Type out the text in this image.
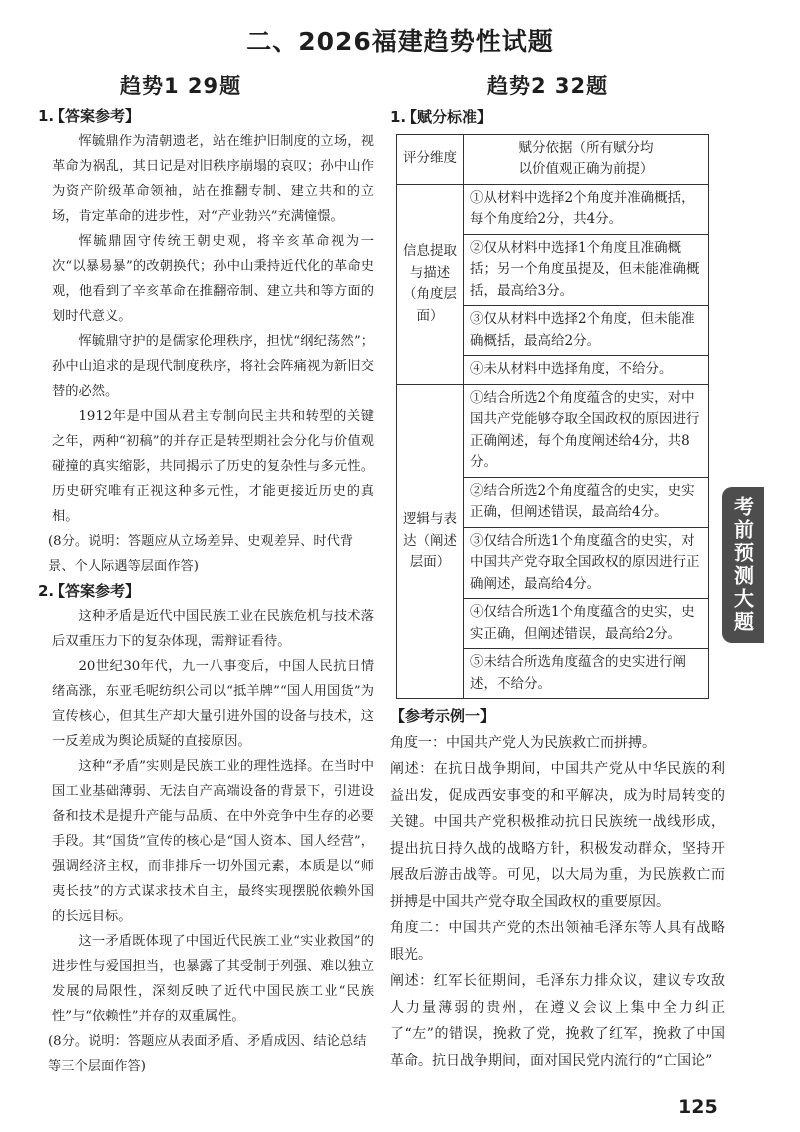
二、2026福建趋势性试题
趋势1 29题	趋势2 32题
1.【答案参考】

恽毓鼎作为清朝遗老，站在维护旧制度的立场，视革命为祸乱，其日记是对旧秩序崩塌的哀叹；孙中山作为资产阶级革命领袖，站在推翻专制、建立共和的立场，肯定革命的进步性，对“产业勃兴”充满憧憬。

恽毓鼎固守传统王朝史观，将辛亥革命视为一次“以暴易暴”的改朝换代；孙中山秉持近代化的革命史观，他看到了辛亥革命在推翻帝制、建立共和等方面的划时代意义。

恽毓鼎守护的是儒家伦理秩序，担忧“纲纪荡然”；孙中山追求的是现代制度秩序，将社会阵痛视为新旧交替的必然。

1912年是中国从君主专制向民主共和转型的关键之年，两种“初稿”的并存正是转型期社会分化与价值观碰撞的真实缩影，共同揭示了历史的复杂性与多元性。历史研究唯有正视这种多元性，才能更接近历史的真相。

(8分。说明：答题应从立场差异、史观差异、时代背景、个人际遇等层面作答)

2.【答案参考】

这种矛盾是近代中国民族工业在民族危机与技术落后双重压力下的复杂体现，需辩证看待。

20世纪30年代，九一八事变后，中国人民抗日情绪高涨，东亚毛呢纺织公司以“抵羊牌”“国人用国货”为宣传核心，但其生产却大量引进外国的设备与技术，这一反差成为舆论质疑的直接原因。

这种“矛盾”实则是民族工业的理性选择。在当时中国工业基础薄弱、无法自产高端设备的背景下，引进设备和技术是提升产能与品质、在中外竞争中生存的必要手段。其“国货”宣传的核心是“国人资本、国人经营”，强调经济主权，而非排斥一切外国元素，本质是以“师夷长技”的方式谋求技术自主，最终实现摆脱依赖外国的长远目标。

这一矛盾既体现了中国近代民族工业“实业救国”的进步性与爱国担当，也暴露了其受制于列强、难以独立发展的局限性，深刻反映了近代中国民族工业“民族性”与“依赖性”并存的双重属性。

(8分。说明：答题应从表面矛盾、矛盾成因、结论总结等三个层面作答)

1.【赋分标准】
评分维度	赋分依据（所有赋分均
以价值观正确为前提）

信息提取与描述（角度层面）	①从材料中选择2个角度并准确概括，每个角度给2分，共4分。
	②仅从材料中选择1个角度且准确概括；另一个角度虽提及，但未能准确概括，最高给3分。
	③仅从材料中选择2个角度，但未能准确概括，最高给2分。
	④未从材料中选择角度，不给分。
逻辑与表达（阐述层面）	①结合所选2个角度蕴含的史实，对中国共产党能够夺取全国政权的原因进行正确阐述，每个角度阐述给4分，共8分。
	②结合所选2个角度蕴含的史实，史实正确，但阐述错误，最高给4分。
	③仅结合所选1个角度蕴含的史实，对中国共产党夺取全国政权的原因进行正确阐述，最高给4分。
	④仅结合所选1个角度蕴含的史实，史实正确，但阐述错误，最高给2分。
	⑤未结合所选角度蕴含的史实进行阐述，不给分。
【参考示例一】

角度一：中国共产党人为民族救亡而拼搏。

阐述：在抗日战争期间，中国共产党从中华民族的利益出发，促成西安事变的和平解决，成为时局转变的关键。中国共产党积极推动抗日民族统一战线形成，提出抗日持久战的战略方针，积极发动群众，坚持开展敌后游击战等。可见，以大局为重，为民族救亡而拼搏是中国共产党夺取全国政权的重要原因。

角度二：中国共产党的杰出领袖毛泽东等人具有战略眼光。

阐述：红军长征期间，毛泽东力排众议，建议专攻敌人力量薄弱的贵州，在遵义会议上集中全力纠正了“左”的错误，挽救了党，挽救了红军，挽救了中国革命。抗日战争期间，面对国民党内流行的“亡国论”

考前预测大题
125
